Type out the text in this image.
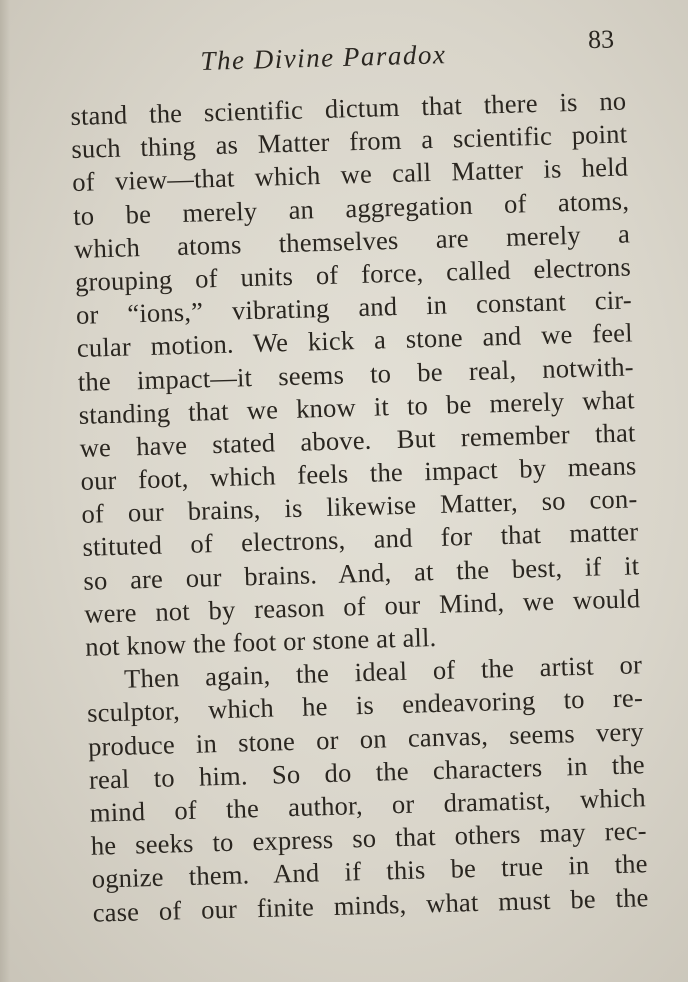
The Divine Paradox	83
stand the scientific dictum that there is no
such thing as Matter from a scientific point
of view—that which we call Matter is held
to be merely an aggregation of atoms,
which atoms themselves are merely a
grouping of units of force, called electrons
or “ions,” vibrating and in constant cir-
cular motion. We kick a stone and we feel
the impact—it seems to be real, notwith-
standing that we know it to be merely what
we have stated above. But remember that
our foot, which feels the impact by means
of our brains, is likewise Matter, so con-
stituted of electrons, and for that matter
so are our brains. And, at the best, if it
were not by reason of our Mind, we would
not know the foot or stone at all.
Then again, the ideal of the artist or
sculptor, which he is endeavoring to re-
produce in stone or on canvas, seems very
real to him. So do the characters in the
mind of the author, or dramatist, which
he seeks to express so that others may rec-
ognize them. And if this be true in the
case of our finite minds, what must be the
